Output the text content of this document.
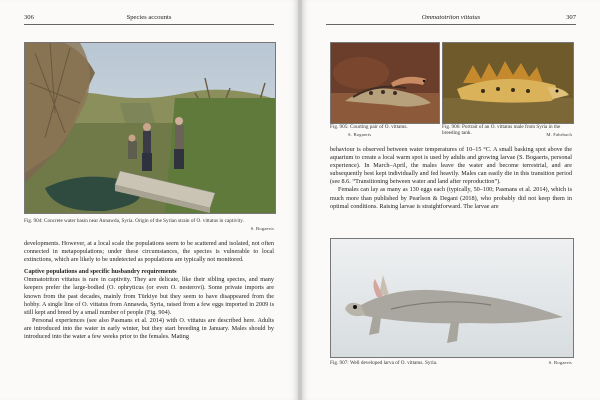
306	Species accounts
Fig. 904: Concrete water basin near Annawda, Syria. Origin of the Syrian strain of O. vittatus in captivity.
S. Bogaerts

developments. However, at a local scale the populations seem to be scattered and isolated, not often connected in metapopulations; under these circumstances, the species is vulnerable to local extinctions, which are likely to be undetected as populations are typically not monitored.

Captive populations and specific husbandry requirements

Ommatotriton vittatus is rare in captivity. They are delicate, like their sibling species, and many keepers prefer the large-bodied (O. ophryticus (or even O. nesterovi). Some private imports are known from the past decades, mainly from Türkiye but they seem to have disappeared from the hobby. A single line of O. vittatus from Annawda, Syria, raised from a few eggs imported in 2009 is still kept and breed by a small number of people (Fig. 904).

Personal experiences (see also Pasmans et al. 2014) with O. vittatus are described here. Adults are introduced into the water in early winter, but they start breeding in January. Males should by introduced into the water a few weeks prior to the females. Mating

Ommatotriton vittatus	307
Fig. 905: Courting pair of O. vittatus.
S. Bogaerts
Fig. 906: Portrait of an O. vittatus male from Syria in the breeding tank.	M. Fahrbach

behaviour is observed between water temperatures of 10–15 °C. A small basking spot above the aquarium to create a local warm spot is used by adults and growing larvae (S. Bogaerts, personal experience). In March–April, the males leave the water and become terrestrial, and are subsequently best kept individually and fed heavily. Males can easily die in this transition period (see 8.6. “Transitioning between water and land after reproduction”).

Females can lay as many as 130 eggs each (typically, 50–100; Pasmans et al. 2014), which is much more than published by Pearlson & Degani (2018), who probably did not keep them in optimal conditions. Raising larvae is straightforward. The larvae are

Fig. 907: Well developed larva of O. vittatus. Syria.	S. Bogaerts
